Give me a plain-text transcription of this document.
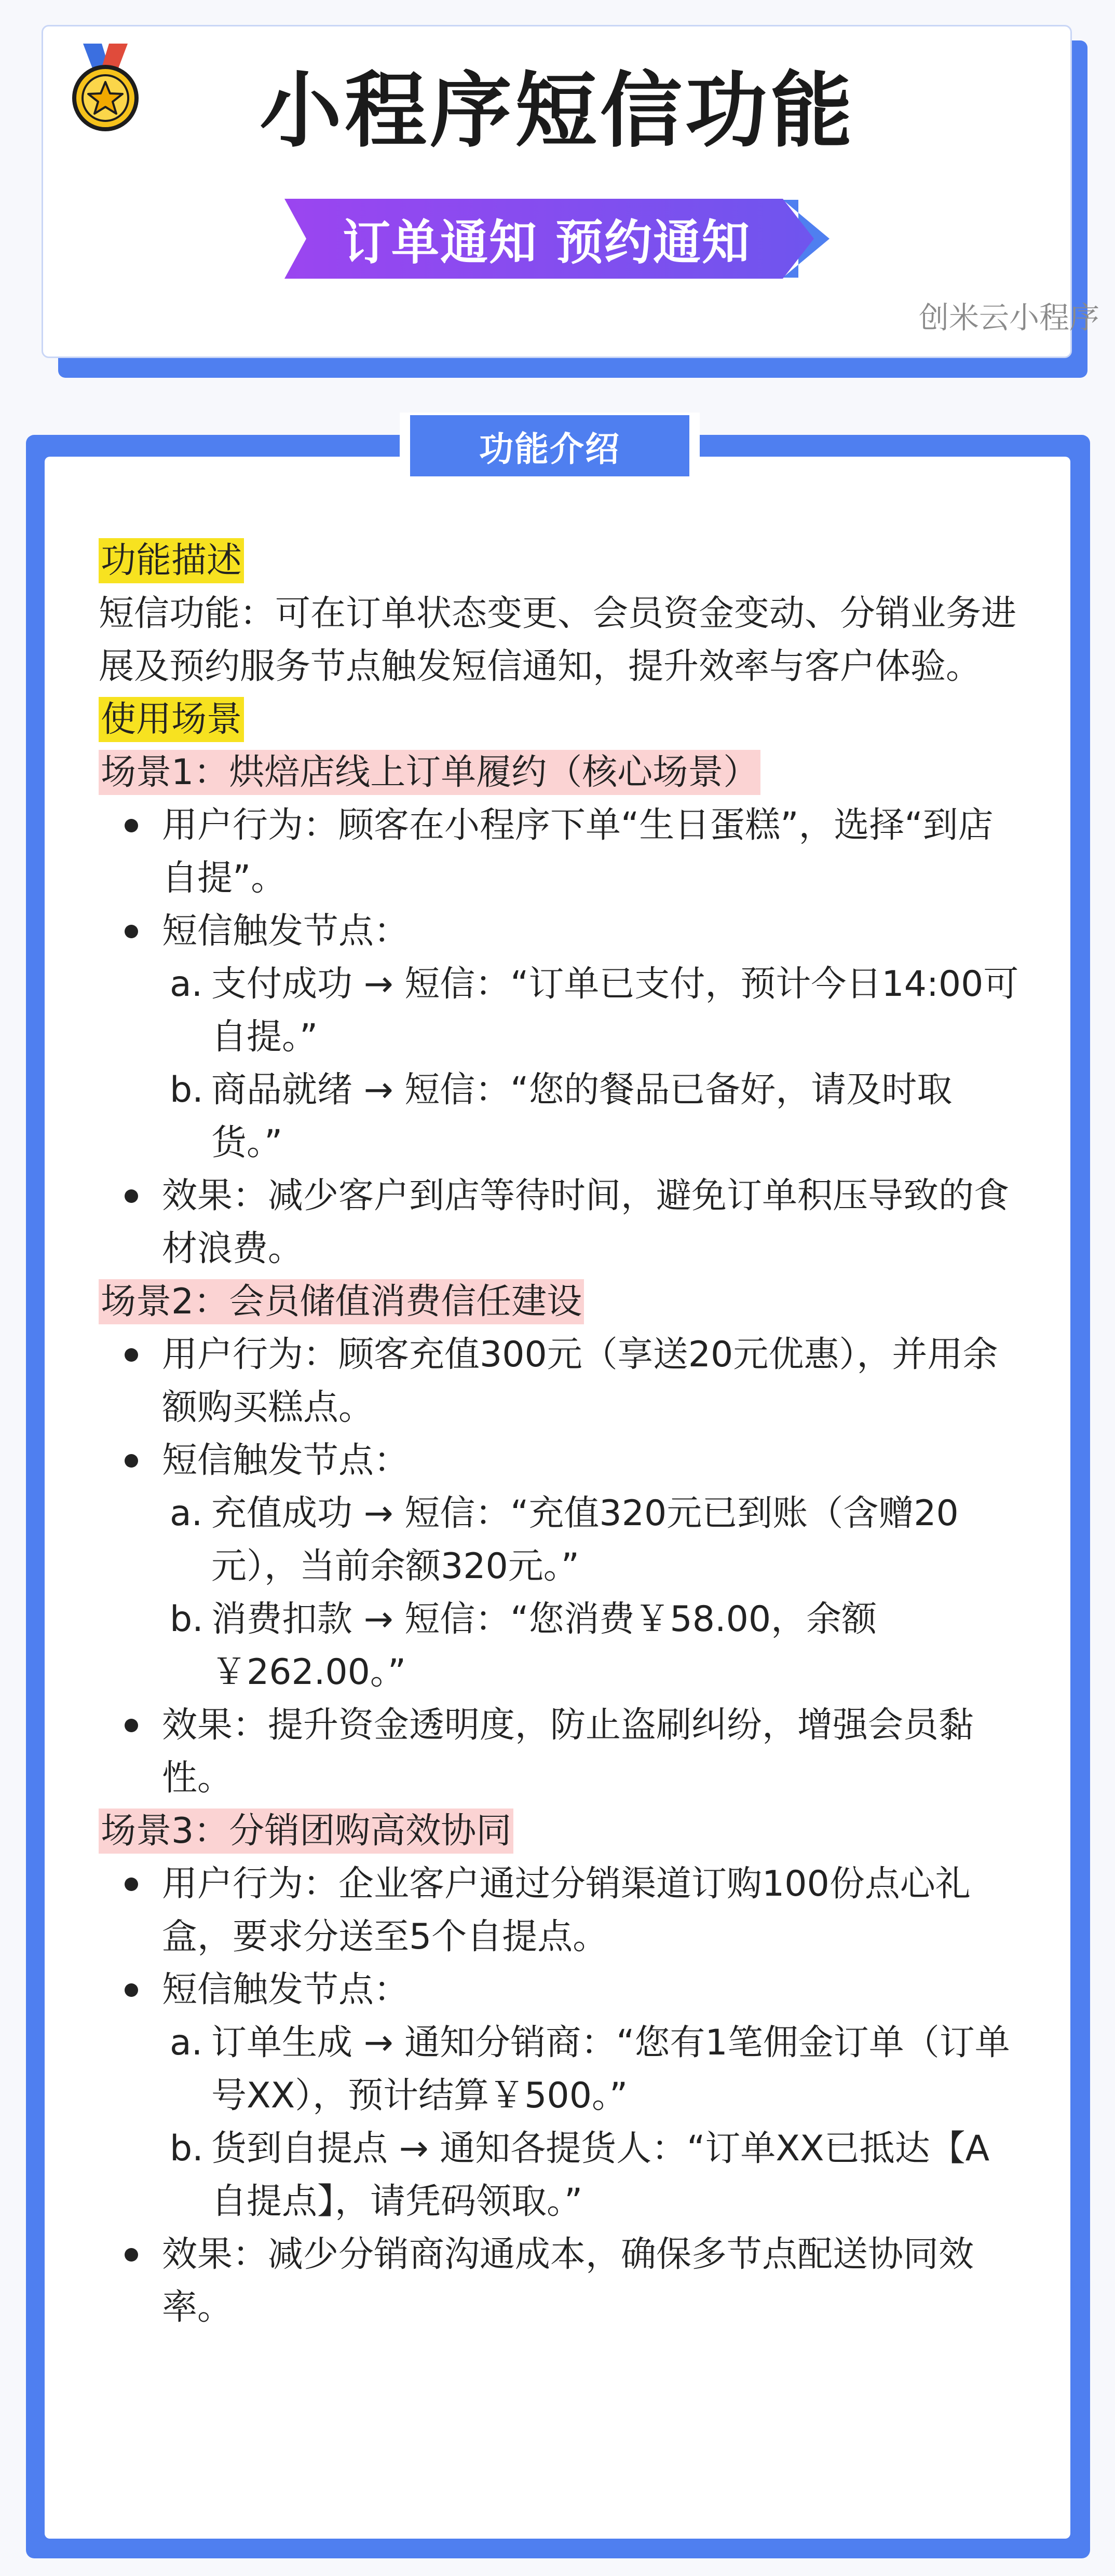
小程序短信功能
订单通知 预约通知
创米云小程序
功能介绍

功能描述

短信功能：可在订单状态变更、会员资金变动、分销业务进展及预约服务节点触发短信通知，提升效率与客户体验。

使用场景

场景1：烘焙店线上订单履约（核心场景）

用户行为：顾客在小程序下单“生日蛋糕”，选择“到店自提”。

短信触发节点：

a. 支付成功 → 短信：“订单已支付，预计今日14:00可自提。”

b. 商品就绪 → 短信：“您的餐品已备好，请及时取货。”

效果：减少客户到店等待时间，避免订单积压导致的食材浪费。

场景2：会员储值消费信任建设

用户行为：顾客充值300元（享送20元优惠），并用余额购买糕点。

短信触发节点：

a. 充值成功 → 短信：“充值320元已到账（含赠20元），当前余额320元。”

b. 消费扣款 → 短信：“您消费￥58.00，余额￥262.00。”

效果：提升资金透明度，防止盗刷纠纷，增强会员黏性。

场景3：分销团购高效协同

用户行为：企业客户通过分销渠道订购100份点心礼盒，要求分送至5个自提点。

短信触发节点：

a. 订单生成 → 通知分销商：“您有1笔佣金订单（订单号XX），预计结算￥500。”

b. 货到自提点 → 通知各提货人：“订单XX已抵达【A自提点】，请凭码领取。”

效果：减少分销商沟通成本，确保多节点配送协同效率。
